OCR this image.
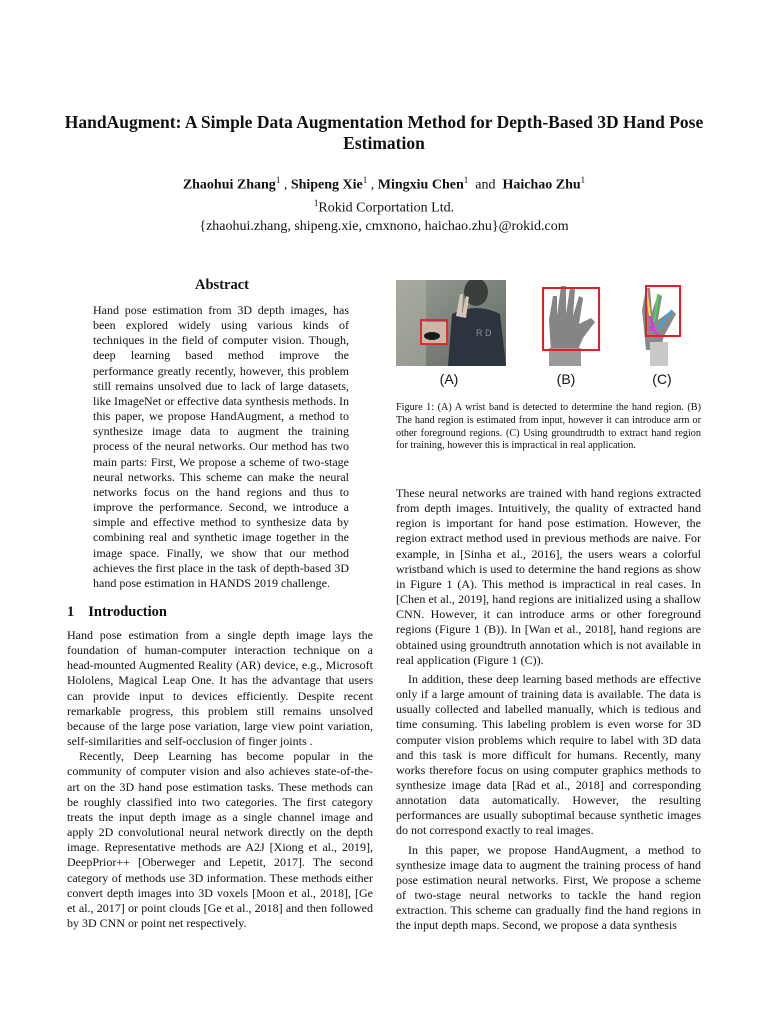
HandAugment: A Simple Data Augmentation Method for Depth-Based 3D Hand Pose Estimation
Zhaohui Zhang$^1$ , Shipeng Xie$^1$ , Mingxiu Chen$^1$ and Haichao Zhu$^1$
$^1$Rokid Corportation Ltd.
{zhaohui.zhang, shipeng.xie, cmxnono, haichao.zhu}@rokid.com
Abstract
Hand pose estimation from 3D depth images, has been explored widely using various kinds of techniques in the field of computer vision. Though, deep learning based method improve the performance greatly recently, however, this problem still remains unsolved due to lack of large datasets, like ImageNet or effective data synthesis methods. In this paper, we propose HandAugment, a method to synthesize image data to augment the training process of the neural networks. Our method has two main parts: First, We propose a scheme of two-stage neural networks. This scheme can make the neural networks focus on the hand regions and thus to improve the performance. Second, we introduce a simple and effective method to synthesize data by combining real and synthetic image together in the image space. Finally, we show that our method achieves the first place in the task of depth-based 3D hand pose estimation in HANDS 2019 challenge.
1 Introduction

Hand pose estimation from a single depth image lays the foundation of human-computer interaction technique on a head-mounted Augmented Reality (AR) device, e.g., Microsoft Hololens, Magical Leap One. It has the advantage that users can provide input to devices efficiently. Despite recent remarkable progress, this problem still remains unsolved because of the large pose variation, large view point variation, self-similarities and self-occlusion of finger joints .

Recently, Deep Learning has become popular in the community of computer vision and also achieves state-of-the-art on the 3D hand pose estimation tasks. These methods can be roughly classified into two categories. The first category treats the input depth image as a single channel image and apply 2D convolutional neural network directly on the depth image. Representative methods are A2J [Xiong et al., 2019], DeepPrior++ [Oberweger and Lepetit, 2017]. The second category of methods use 3D information. These methods either convert depth images into 3D voxels [Moon et al., 2018], [Ge et al., 2017] or point clouds [Ge et al., 2018] and then followed by 3D CNN or point net respectively.

R D
(A)	(B)	(C)
Figure 1: (A) A wrist band is detected to determine the hand region. (B) The hand region is estimated from input, however it can introduce arm or other foreground regions. (C) Using groundtrudth to extract hand region for training, however this is impractical in real application.

These neural networks are trained with hand regions extracted from depth images. Intuitively, the quality of extracted hand region is important for hand pose estimation. However, the region extract method used in previous methods are naive. For example, in [Sinha et al., 2016], the users wears a colorful wristband which is used to determine the hand regions as show in Figure 1 (A). This method is impractical in real cases. In [Chen et al., 2019], hand regions are initialized using a shallow CNN. However, it can introduce arms or other foreground regions (Figure 1 (B)). In [Wan et al., 2018], hand regions are obtained using groundtruth annotation which is not available in real application (Figure 1 (C)).

In addition, these deep learning based methods are effective only if a large amount of training data is available. The data is usually collected and labelled manually, which is tedious and time consuming. This labeling problem is even worse for 3D computer vision problems which require to label with 3D data and this task is more difficult for humans. Recently, many works therefore focus on using computer graphics methods to synthesize image data [Rad et al., 2018] and corresponding annotation data automatically. However, the resulting performances are usually suboptimal because synthetic images do not correspond exactly to real images.

In this paper, we propose HandAugment, a method to synthesize image data to augment the training process of hand pose estimation neural networks. First, We propose a scheme of two-stage neural networks to tackle the hand region extraction. This scheme can gradually find the hand regions in the input depth maps. Second, we propose a data synthesis
